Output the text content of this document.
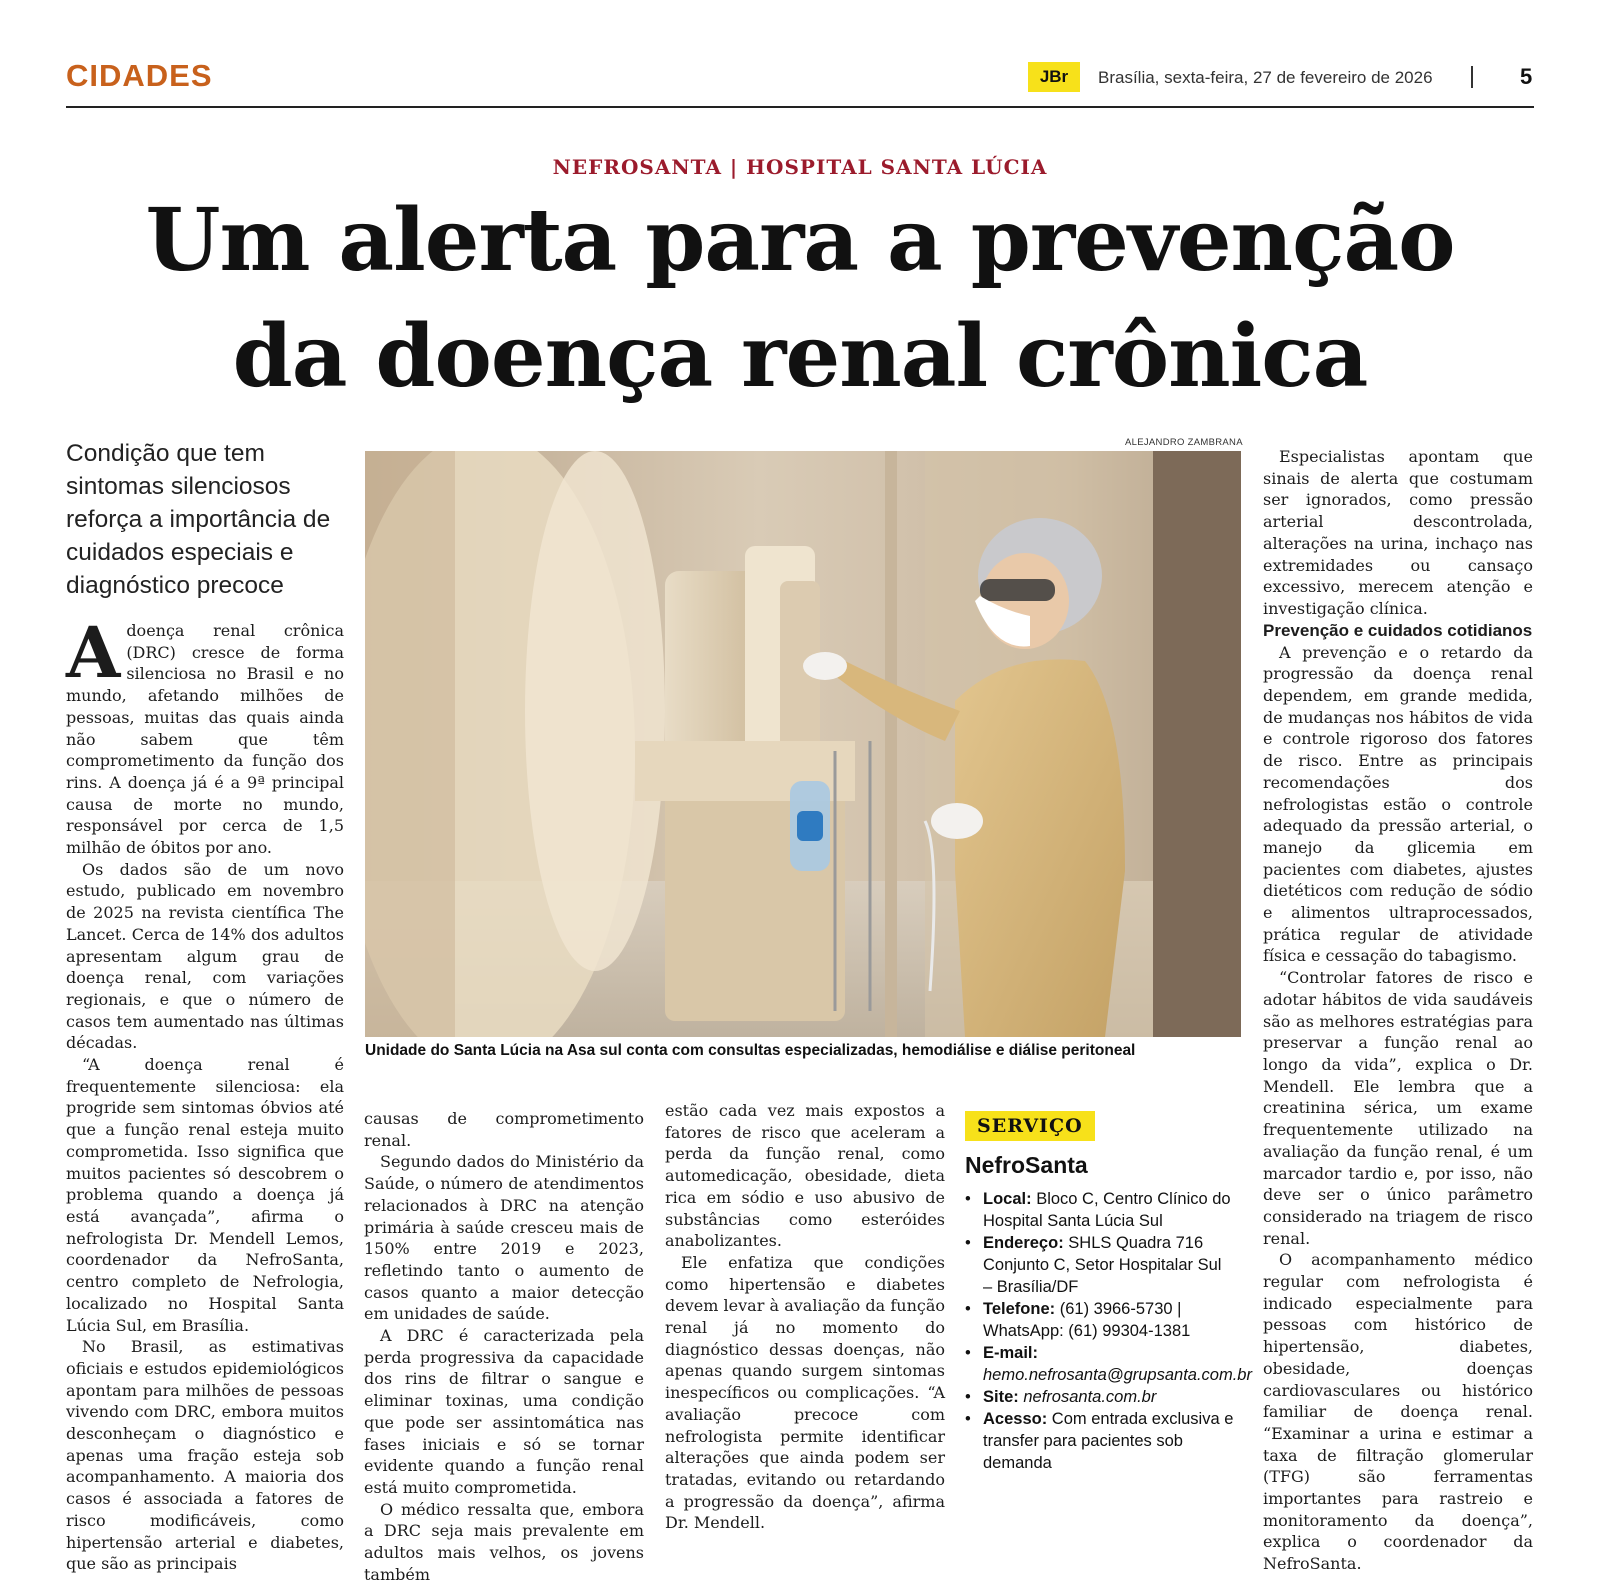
CIDADES	JBr	Brasília, sexta-feira, 27 de fevereiro de 2026	5
NEFROSANTA | HOSPITAL SANTA LÚCIA
Um alerta para a prevenção
da doença renal crônica
Condição que tem sintomas silenciosos reforça a importância de cuidados especiais e diagnóstico precoce

Adoença renal crônica (DRC) cresce de forma silenciosa no Brasil e no mundo, afetando milhões de pessoas, muitas das quais ainda não sabem que têm comprometimento da função dos rins. A doença já é a 9ª principal causa de morte no mundo, responsável por cerca de 1,5 milhão de óbitos por ano.

Os dados são de um novo estudo, publicado em novembro de 2025 na revista científica The Lancet. Cerca de 14% dos adultos apresentam algum grau de doença renal, com variações regionais, e que o número de casos tem aumentado nas últimas décadas.

“A doença renal é frequentemente silenciosa: ela progride sem sintomas óbvios até que a função renal esteja muito comprometida. Isso significa que muitos pacientes só descobrem o problema quando a doença já está avançada”, afirma o nefrologista Dr. Mendell Lemos, coordenador da NefroSanta, centro completo de Nefrologia, localizado no Hospital Santa Lúcia Sul, em Brasília.

No Brasil, as estimativas oficiais e estudos epidemiológicos apontam para milhões de pessoas vivendo com DRC, embora muitos desconheçam o diagnóstico e apenas uma fração esteja sob acompanhamento. A maioria dos casos é associada a fatores de risco modificáveis, como hipertensão arterial e diabetes, que são as principais

ALEJANDRO ZAMBRANA
Unidade do Santa Lúcia na Asa sul conta com consultas especializadas, hemodiálise e diálise peritoneal

causas de comprometimento renal.

Segundo dados do Ministério da Saúde, o número de atendimentos relacionados à DRC na atenção primária à saúde cresceu mais de 150% entre 2019 e 2023, refletindo tanto o aumento de casos quanto a maior detecção em unidades de saúde.

A DRC é caracterizada pela perda progressiva da capacidade dos rins de filtrar o sangue e eliminar toxinas, uma condição que pode ser assintomática nas fases iniciais e só se tornar evidente quando a função renal está muito comprometida.

O médico ressalta que, embora a DRC seja mais prevalente em adultos mais velhos, os jovens também

estão cada vez mais expostos a fatores de risco que aceleram a perda da função renal, como automedicação, obesidade, dieta rica em sódio e uso abusivo de substâncias como esteróides anabolizantes.

Ele enfatiza que condições como hipertensão e diabetes devem levar à avaliação da função renal já no momento do diagnóstico dessas doenças, não apenas quando surgem sintomas inespecíficos ou complicações. “A avaliação precoce com nefrologista permite identificar alterações que ainda podem ser tratadas, evitando ou retardando a progressão da doença”, afirma Dr. Mendell.

SERVIÇO
NefroSanta
• Local: Bloco C, Centro Clínico do Hospital Santa Lúcia Sul
• Endereço: SHLS Quadra 716 Conjunto C, Setor Hospitalar Sul – Brasília/DF
• Telefone: (61) 3966-5730 | WhatsApp: (61) 99304-1381
• E-mail: hemo.nefrosanta@grupsanta.com.br
• Site: nefrosanta.com.br
• Acesso: Com entrada exclusiva e transfer para pacientes sob demanda

Especialistas apontam que sinais de alerta que costumam ser ignorados, como pressão arterial descontrolada, alterações na urina, inchaço nas extremidades ou cansaço excessivo, merecem atenção e investigação clínica.

Prevenção e cuidados cotidianos

A prevenção e o retardo da progressão da doença renal dependem, em grande medida, de mudanças nos hábitos de vida e controle rigoroso dos fatores de risco. Entre as principais recomendações dos nefrologistas estão o controle adequado da pressão arterial, o manejo da glicemia em pacientes com diabetes, ajustes dietéticos com redução de sódio e alimentos ultraprocessados, prática regular de atividade física e cessação do tabagismo.

“Controlar fatores de risco e adotar hábitos de vida saudáveis são as melhores estratégias para preservar a função renal ao longo da vida”, explica o Dr. Mendell. Ele lembra que a creatinina sérica, um exame frequentemente utilizado na avaliação da função renal, é um marcador tardio e, por isso, não deve ser o único parâmetro considerado na triagem de risco renal.

O acompanhamento médico regular com nefrologista é indicado especialmente para pessoas com histórico de hipertensão, diabetes, obesidade, doenças cardiovasculares ou histórico familiar de doença renal. “Examinar a urina e estimar a taxa de filtração glomerular (TFG) são ferramentas importantes para rastreio e monitoramento da doença”, explica o coordenador da NefroSanta.
